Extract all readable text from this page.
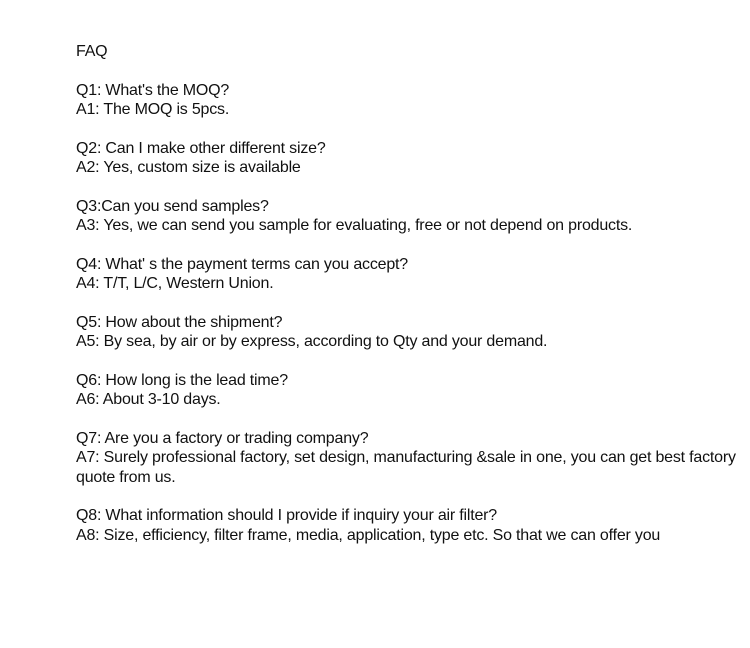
FAQ
Q1: What's the MOQ?
A1: The MOQ is 5pcs.
Q2: Can I make other different size?
A2: Yes, custom size is available
Q3:Can you send samples?
A3: Yes, we can send you sample for evaluating, free or not depend on products.
Q4: What' s the payment terms can you accept?
A4: T/T, L/C, Western Union.
Q5: How about the shipment?
A5: By sea, by air or by express, according to Qty and your demand.
Q6: How long is the lead time?
A6: About 3-10 days.
Q7: Are you a factory or trading company?
A7: Surely professional factory, set design, manufacturing &sale in one, you can get best factory quote from us.
Q8: What information should I provide if inquiry your air filter?
A8: Size, efficiency, filter frame, media, application, type etc. So that we can offer you
